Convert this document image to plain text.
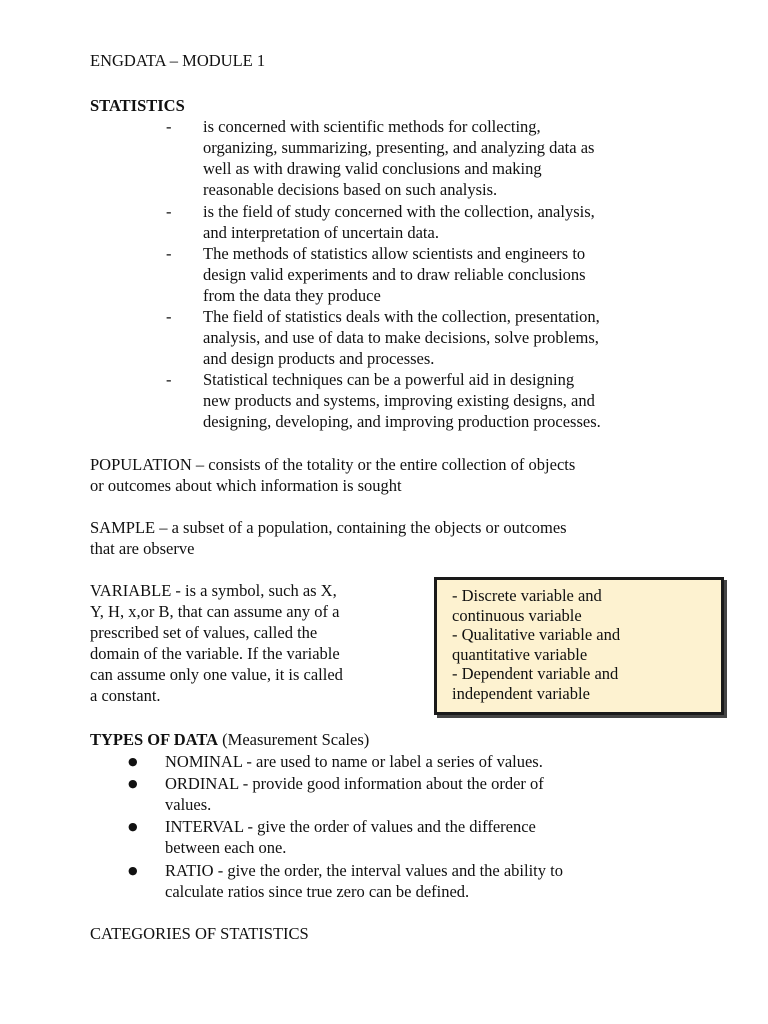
ENGDATA – MODULE 1
STATISTICS
-	is concerned with scientific methods for collecting,
organizing, summarizing, presenting, and analyzing data as
well as with drawing valid conclusions and making
reasonable decisions based on such analysis.
-	is the field of study concerned with the collection, analysis,
and interpretation of uncertain data.
-	The methods of statistics allow scientists and engineers to
design valid experiments and to draw reliable conclusions
from the data they produce
-	The field of statistics deals with the collection, presentation,
analysis, and use of data to make decisions, solve problems,
and design products and processes.
-	Statistical techniques can be a powerful aid in designing
new products and systems, improving existing designs, and
designing, developing, and improving production processes.
POPULATION – consists of the totality or the entire collection of objects
or outcomes about which information is sought
SAMPLE – a subset of a population, containing the objects or outcomes
that are observe
VARIABLE - is a symbol, such as X,
Y, H, x,or B, that can assume any of a
prescribed set of values, called the
domain of the variable. If the variable
can assume only one value, it is called
a constant.
- Discrete variable and
continuous variable
- Qualitative variable and
quantitative variable
- Dependent variable and
independent variable
TYPES OF DATA (Measurement Scales)
●	NOMINAL - are used to name or label a series of values.
●	ORDINAL - provide good information about the order of
values.
●	INTERVAL - give the order of values and the difference
between each one.
●	RATIO - give the order, the interval values and the ability to
calculate ratios since true zero can be defined.
CATEGORIES OF STATISTICS
